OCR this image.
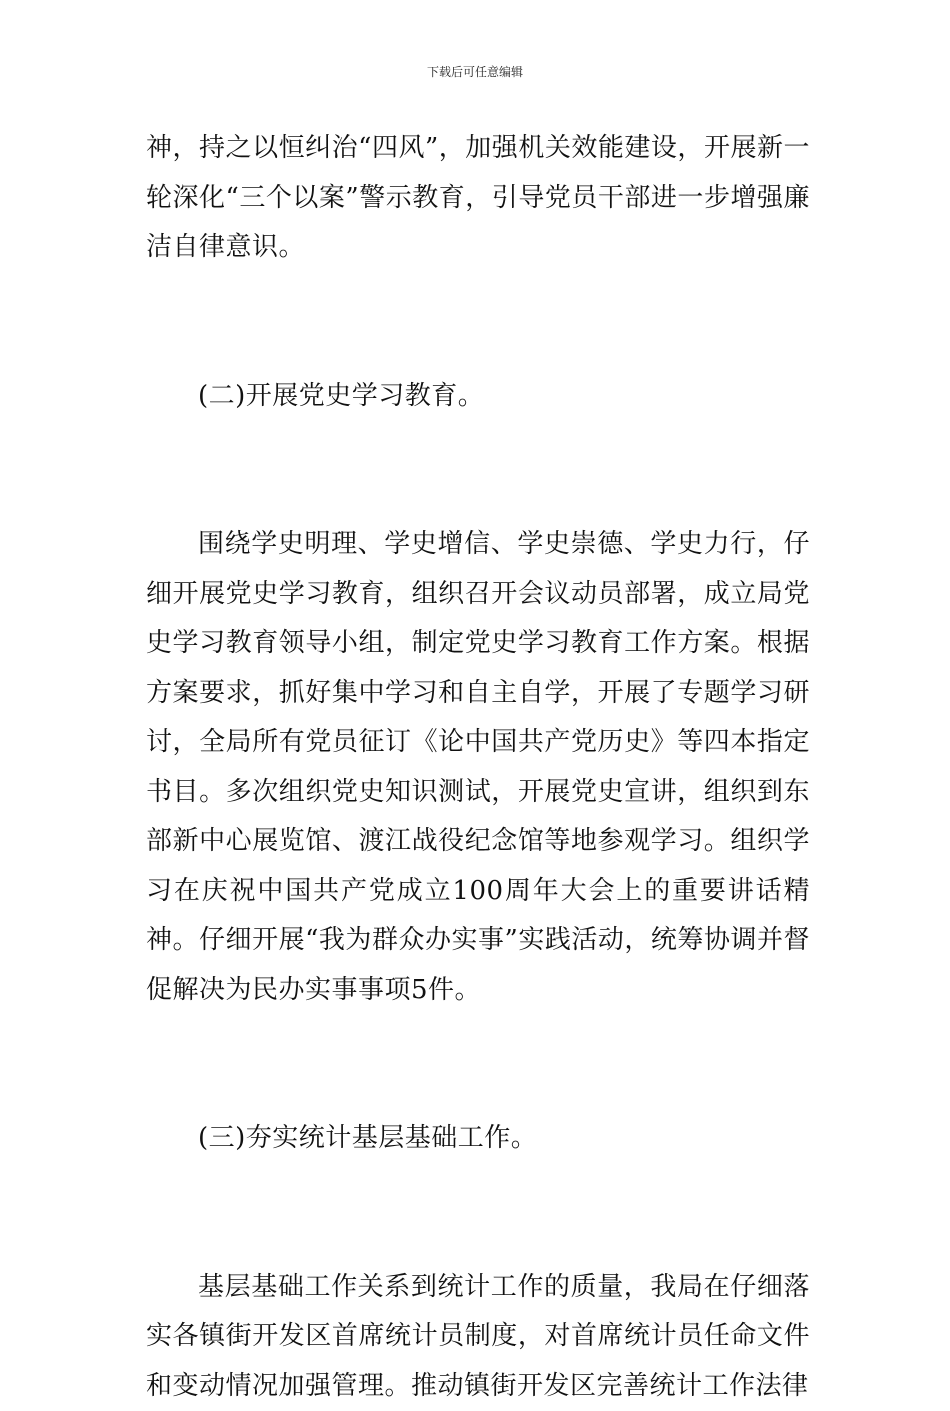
下载后可任意编辑

神，持之以恒纠治“四风”，加强机关效能建设，开展新一轮深化“三个以案”警示教育，引导党员干部进一步增强廉洁自律意识。

(二)开展党史学习教育。

围绕学史明理、学史增信、学史崇德、学史力行，仔细开展党史学习教育，组织召开会议动员部署，成立局党史学习教育领导小组，制定党史学习教育工作方案。根据方案要求，抓好集中学习和自主自学，开展了专题学习研讨，全局所有党员征订《论中国共产党历史》等四本指定书目。多次组织党史知识测试，开展党史宣讲，组织到东部新中心展览馆、渡江战役纪念馆等地参观学习。组织学习在庆祝中国共产党成立100周年大会上的重要讲话精神。仔细开展“我为群众办实事”实践活动，统筹协调并督促解决为民办实事事项5件。

(三)夯实统计基层基础工作。

基层基础工作关系到统计工作的质量，我局在仔细落实各镇街开发区首席统计员制度，对首席统计员任命文件和变动情况加强管理。推动镇街开发区完善统计工作法律
